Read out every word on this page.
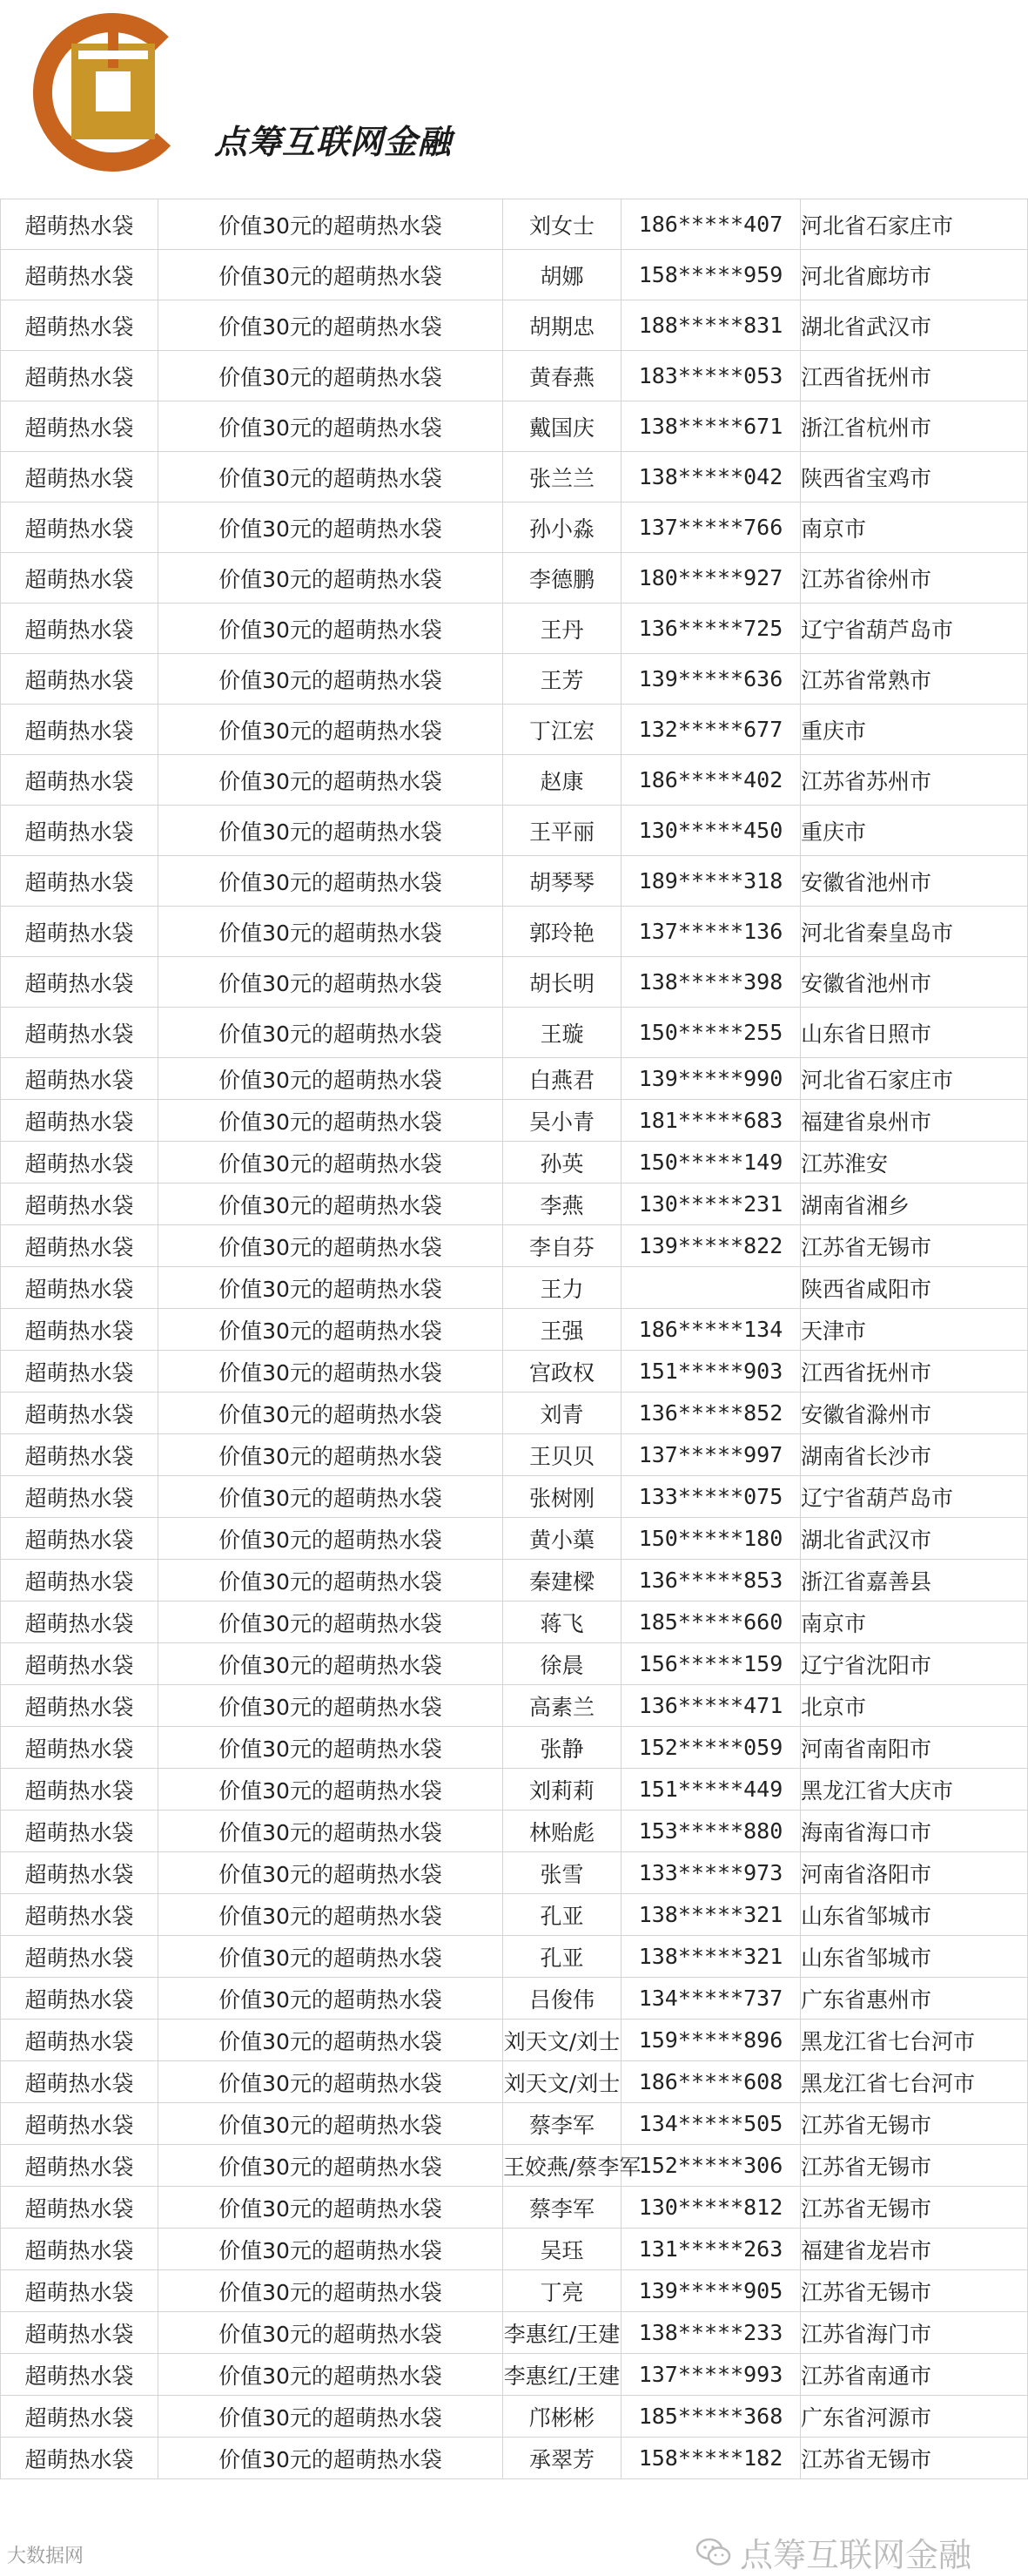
点筹互联网金融
超萌热水袋	价值30元的超萌热水袋	刘女士	186*****407	河北省石家庄市
超萌热水袋	价值30元的超萌热水袋	胡娜	158*****959	河北省廊坊市
超萌热水袋	价值30元的超萌热水袋	胡期忠	188*****831	湖北省武汉市
超萌热水袋	价值30元的超萌热水袋	黄春燕	183*****053	江西省抚州市
超萌热水袋	价值30元的超萌热水袋	戴国庆	138*****671	浙江省杭州市
超萌热水袋	价值30元的超萌热水袋	张兰兰	138*****042	陕西省宝鸡市
超萌热水袋	价值30元的超萌热水袋	孙小淼	137*****766	南京市
超萌热水袋	价值30元的超萌热水袋	李德鹏	180*****927	江苏省徐州市
超萌热水袋	价值30元的超萌热水袋	王丹	136*****725	辽宁省葫芦岛市
超萌热水袋	价值30元的超萌热水袋	王芳	139*****636	江苏省常熟市
超萌热水袋	价值30元的超萌热水袋	丁江宏	132*****677	重庆市
超萌热水袋	价值30元的超萌热水袋	赵康	186*****402	江苏省苏州市
超萌热水袋	价值30元的超萌热水袋	王平丽	130*****450	重庆市
超萌热水袋	价值30元的超萌热水袋	胡琴琴	189*****318	安徽省池州市
超萌热水袋	价值30元的超萌热水袋	郭玲艳	137*****136	河北省秦皇岛市
超萌热水袋	价值30元的超萌热水袋	胡长明	138*****398	安徽省池州市
超萌热水袋	价值30元的超萌热水袋	王璇	150*****255	山东省日照市
超萌热水袋	价值30元的超萌热水袋	白燕君	139*****990	河北省石家庄市
超萌热水袋	价值30元的超萌热水袋	吴小青	181*****683	福建省泉州市
超萌热水袋	价值30元的超萌热水袋	孙英	150*****149	江苏淮安
超萌热水袋	价值30元的超萌热水袋	李燕	130*****231	湖南省湘乡
超萌热水袋	价值30元的超萌热水袋	李自芬	139*****822	江苏省无锡市
超萌热水袋	价值30元的超萌热水袋	王力		陕西省咸阳市
超萌热水袋	价值30元的超萌热水袋	王强	186*****134	天津市
超萌热水袋	价值30元的超萌热水袋	宫政权	151*****903	江西省抚州市
超萌热水袋	价值30元的超萌热水袋	刘青	136*****852	安徽省滁州市
超萌热水袋	价值30元的超萌热水袋	王贝贝	137*****997	湖南省长沙市
超萌热水袋	价值30元的超萌热水袋	张树刚	133*****075	辽宁省葫芦岛市
超萌热水袋	价值30元的超萌热水袋	黄小蕖	150*****180	湖北省武汉市
超萌热水袋	价值30元的超萌热水袋	秦建樑	136*****853	浙江省嘉善县
超萌热水袋	价值30元的超萌热水袋	蒋飞	185*****660	南京市
超萌热水袋	价值30元的超萌热水袋	徐晨	156*****159	辽宁省沈阳市
超萌热水袋	价值30元的超萌热水袋	高素兰	136*****471	北京市
超萌热水袋	价值30元的超萌热水袋	张静	152*****059	河南省南阳市
超萌热水袋	价值30元的超萌热水袋	刘莉莉	151*****449	黑龙江省大庆市
超萌热水袋	价值30元的超萌热水袋	林贻彪	153*****880	海南省海口市
超萌热水袋	价值30元的超萌热水袋	张雪	133*****973	河南省洛阳市
超萌热水袋	价值30元的超萌热水袋	孔亚	138*****321	山东省邹城市
超萌热水袋	价值30元的超萌热水袋	孔亚	138*****321	山东省邹城市
超萌热水袋	价值30元的超萌热水袋	吕俊伟	134*****737	广东省惠州市
超萌热水袋	价值30元的超萌热水袋	刘天文/刘士	159*****896	黑龙江省七台河市
超萌热水袋	价值30元的超萌热水袋	刘天文/刘士	186*****608	黑龙江省七台河市
超萌热水袋	价值30元的超萌热水袋	蔡李军	134*****505	江苏省无锡市
超萌热水袋	价值30元的超萌热水袋	王姣燕/蔡李军	152*****306	江苏省无锡市
超萌热水袋	价值30元的超萌热水袋	蔡李军	130*****812	江苏省无锡市
超萌热水袋	价值30元的超萌热水袋	吴珏	131*****263	福建省龙岩市
超萌热水袋	价值30元的超萌热水袋	丁亮	139*****905	江苏省无锡市
超萌热水袋	价值30元的超萌热水袋	李惠红/王建	138*****233	江苏省海门市
超萌热水袋	价值30元的超萌热水袋	李惠红/王建	137*****993	江苏省南通市
超萌热水袋	价值30元的超萌热水袋	邝彬彬	185*****368	广东省河源市
超萌热水袋	价值30元的超萌热水袋	承翠芳	158*****182	江苏省无锡市
大数据网	点筹互联网金融
